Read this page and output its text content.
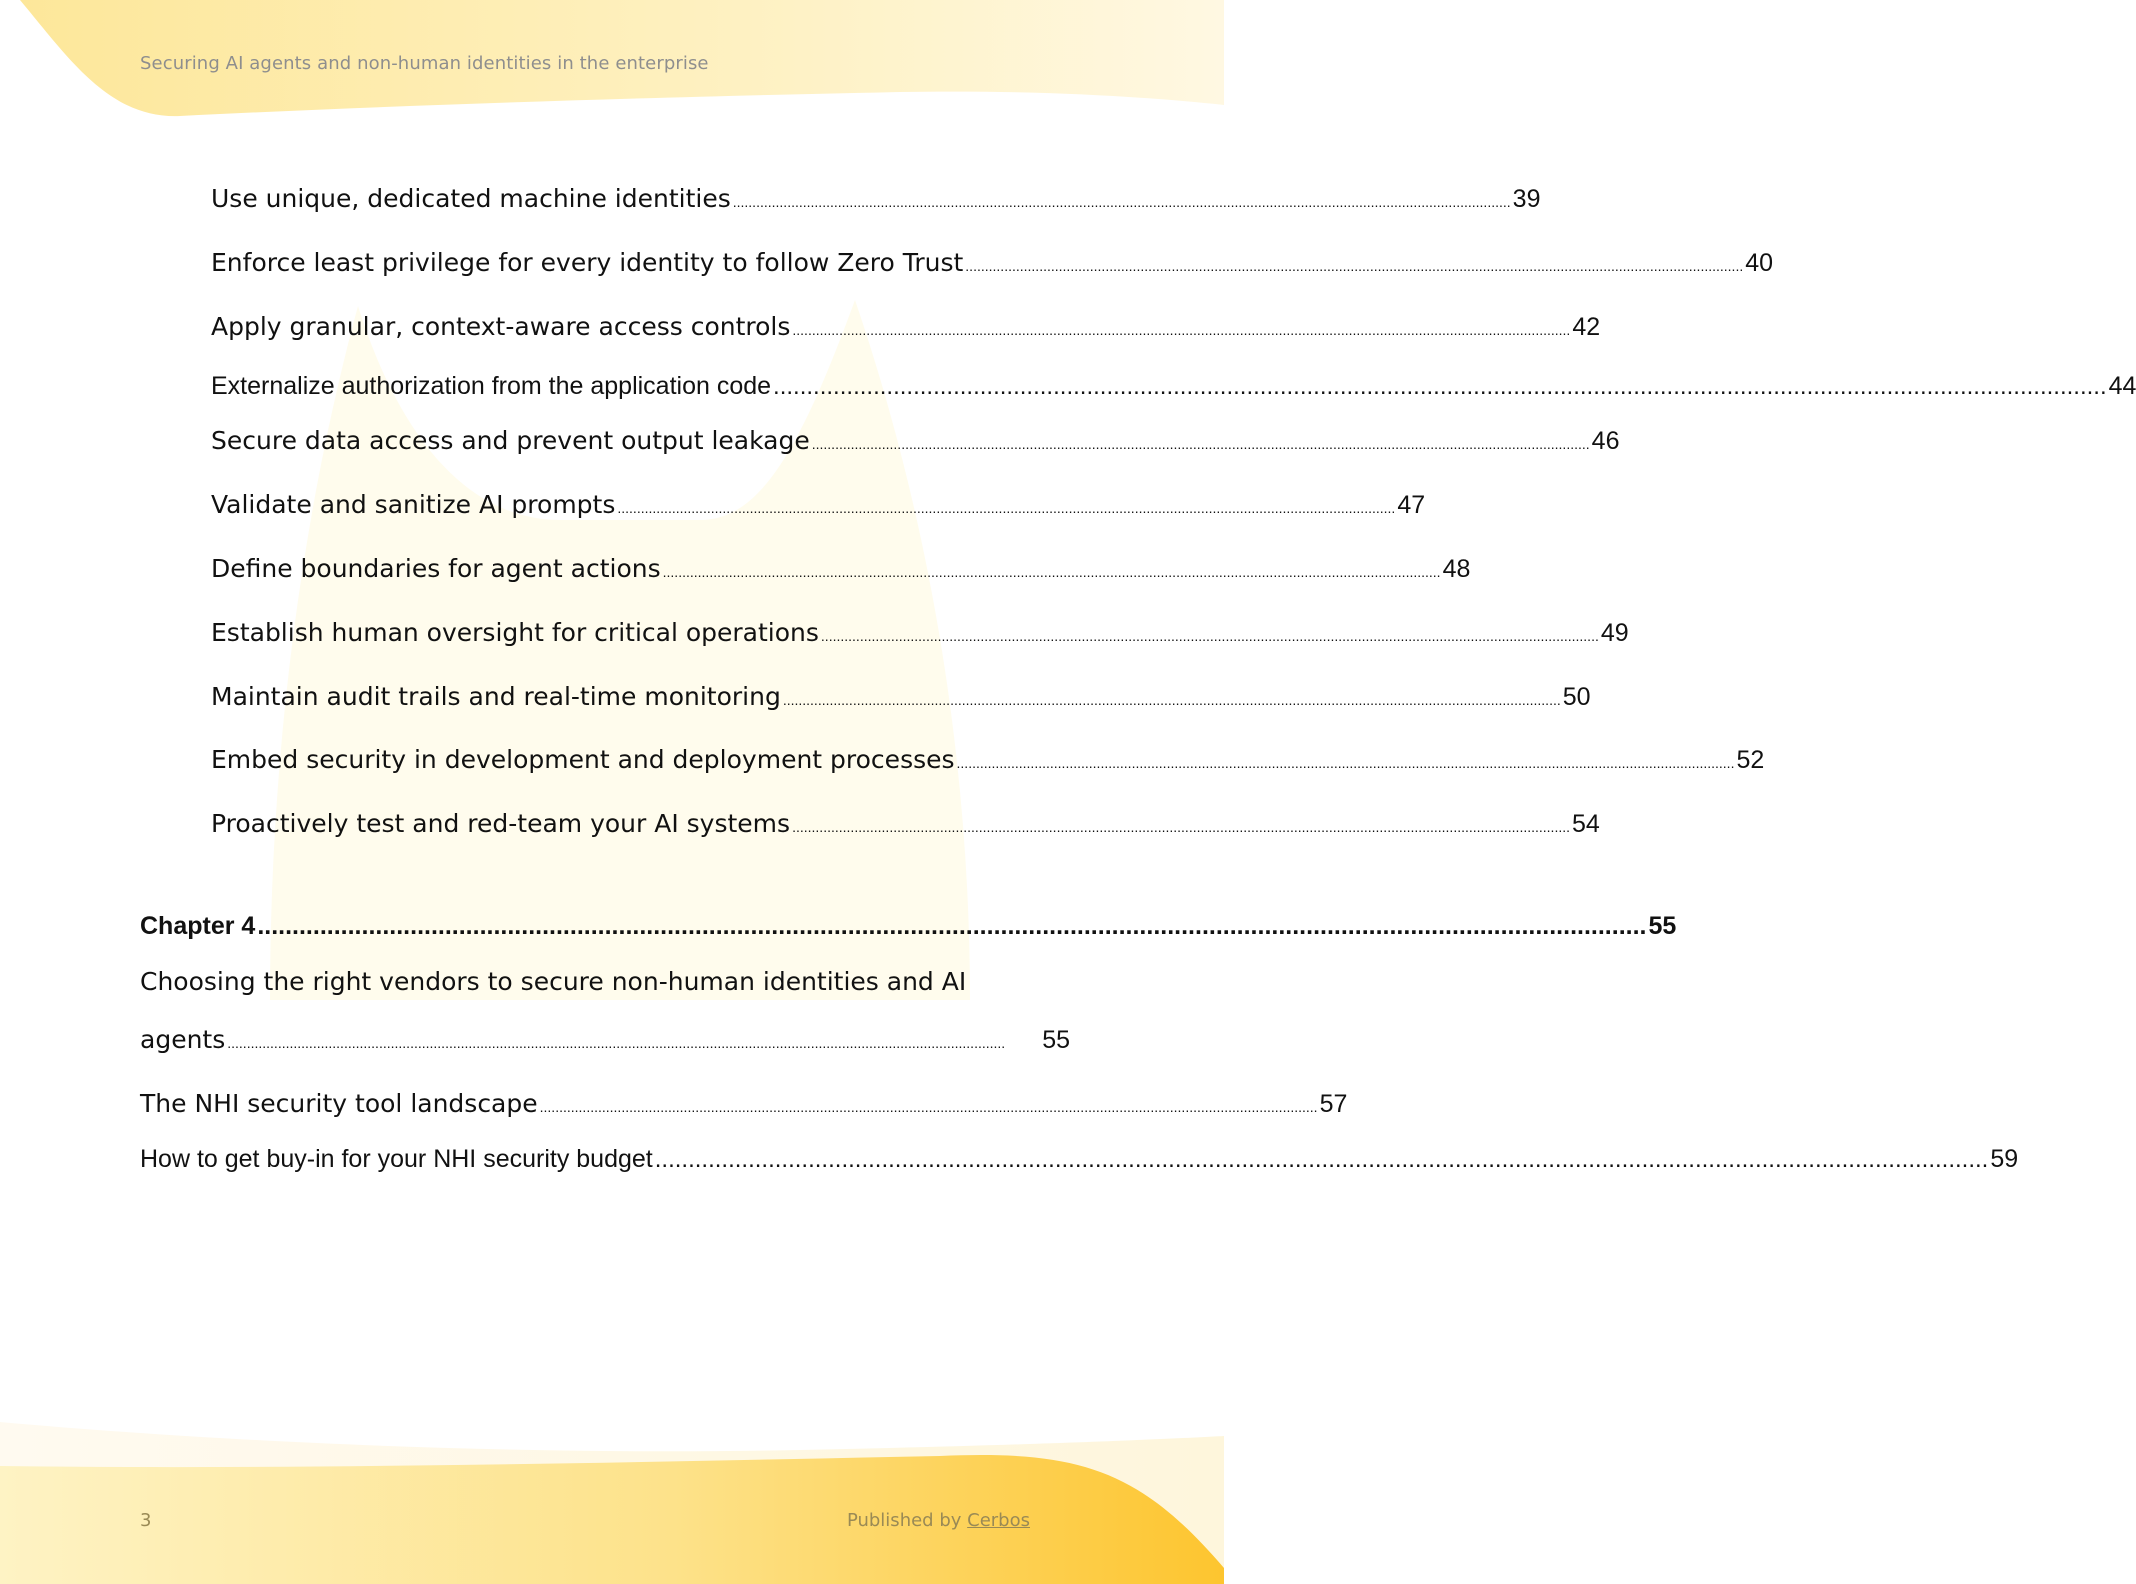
Securing AI agents and non-human identities in the enterprise
Use unique, dedicated machine identities ........................................................................................................................................................................................................ 39
Enforce least privilege for every identity to follow Zero Trust ........................................................................................................................................................................................................ 40
Apply granular, context-aware access controls ........................................................................................................................................................................................................ 42
Externalize authorization from the application code ........................................................................................................................................................................................................ 44
Secure data access and prevent output leakage ........................................................................................................................................................................................................ 46
Validate and sanitize AI prompts ........................................................................................................................................................................................................ 47
Define boundaries for agent actions ........................................................................................................................................................................................................ 48
Establish human oversight for critical operations ........................................................................................................................................................................................................ 49
Maintain audit trails and real-time monitoring ........................................................................................................................................................................................................ 50
Embed security in development and deployment processes ........................................................................................................................................................................................................ 52
Proactively test and red-team your AI systems ........................................................................................................................................................................................................ 54
Chapter 4 ........................................................................................................................................................................................................ 55
Choosing the right vendors to secure non-human identities and AI
agents ........................................................................................................................................................................................................	55
The NHI security tool landscape ........................................................................................................................................................................................................ 57
How to get buy-in for your NHI security budget ........................................................................................................................................................................................................ 59
3	Published by Cerbos
